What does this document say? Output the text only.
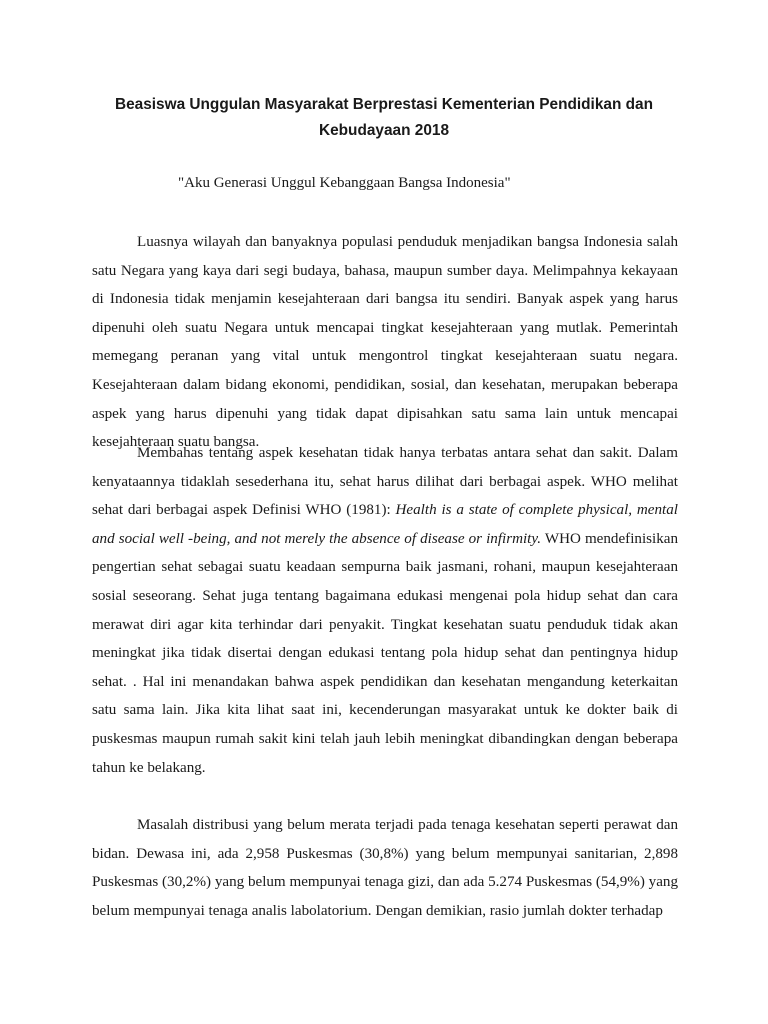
Beasiswa Unggulan Masyarakat Berprestasi Kementerian Pendidikan dan
Kebudayaan 2018

"Aku Generasi Unggul Kebanggaan Bangsa Indonesia"

Luasnya wilayah dan banyaknya populasi penduduk menjadikan bangsa Indonesia salah
satu Negara yang kaya dari segi budaya, bahasa, maupun sumber daya. Melimpahnya kekayaan
di Indonesia tidak menjamin kesejahteraan dari bangsa itu sendiri. Banyak aspek yang harus
dipenuhi oleh suatu Negara untuk mencapai tingkat kesejahteraan yang mutlak. Pemerintah
memegang peranan yang vital untuk mengontrol tingkat kesejahteraan suatu negara.
Kesejahteraan dalam bidang ekonomi, pendidikan, sosial, dan kesehatan, merupakan beberapa
aspek yang harus dipenuhi yang tidak dapat dipisahkan satu sama lain untuk mencapai
kesejahteraan suatu bangsa.
Membahas tentang aspek kesehatan tidak hanya terbatas antara sehat dan sakit. Dalam
kenyataannya tidaklah sesederhana itu, sehat harus dilihat dari berbagai aspek. WHO melihat
sehat dari berbagai aspek Definisi WHO (1981): Health is a state of complete physical, mental
and social well -being, and not merely the absence of disease or infirmity. WHO mendefinisikan
pengertian sehat sebagai suatu keadaan sempurna baik jasmani, rohani, maupun kesejahteraan
sosial seseorang. Sehat juga tentang bagaimana edukasi mengenai pola hidup sehat dan cara
merawat diri agar kita terhindar dari penyakit. Tingkat kesehatan suatu penduduk tidak akan
meningkat jika tidak disertai dengan edukasi tentang pola hidup sehat dan pentingnya hidup
sehat. . Hal ini menandakan bahwa aspek pendidikan dan kesehatan mengandung keterkaitan
satu sama lain. Jika kita lihat saat ini, kecenderungan masyarakat untuk ke dokter baik di
puskesmas maupun rumah sakit kini telah jauh lebih meningkat dibandingkan dengan beberapa
tahun ke belakang.
Masalah distribusi yang belum merata terjadi pada tenaga kesehatan seperti perawat dan
bidan. Dewasa ini, ada 2,958 Puskesmas (30,8%) yang belum mempunyai sanitarian, 2,898
Puskesmas (30,2%) yang belum mempunyai tenaga gizi, dan ada 5.274 Puskesmas (54,9%) yang
belum mempunyai tenaga analis labolatorium. Dengan demikian, rasio jumlah dokter terhadap
